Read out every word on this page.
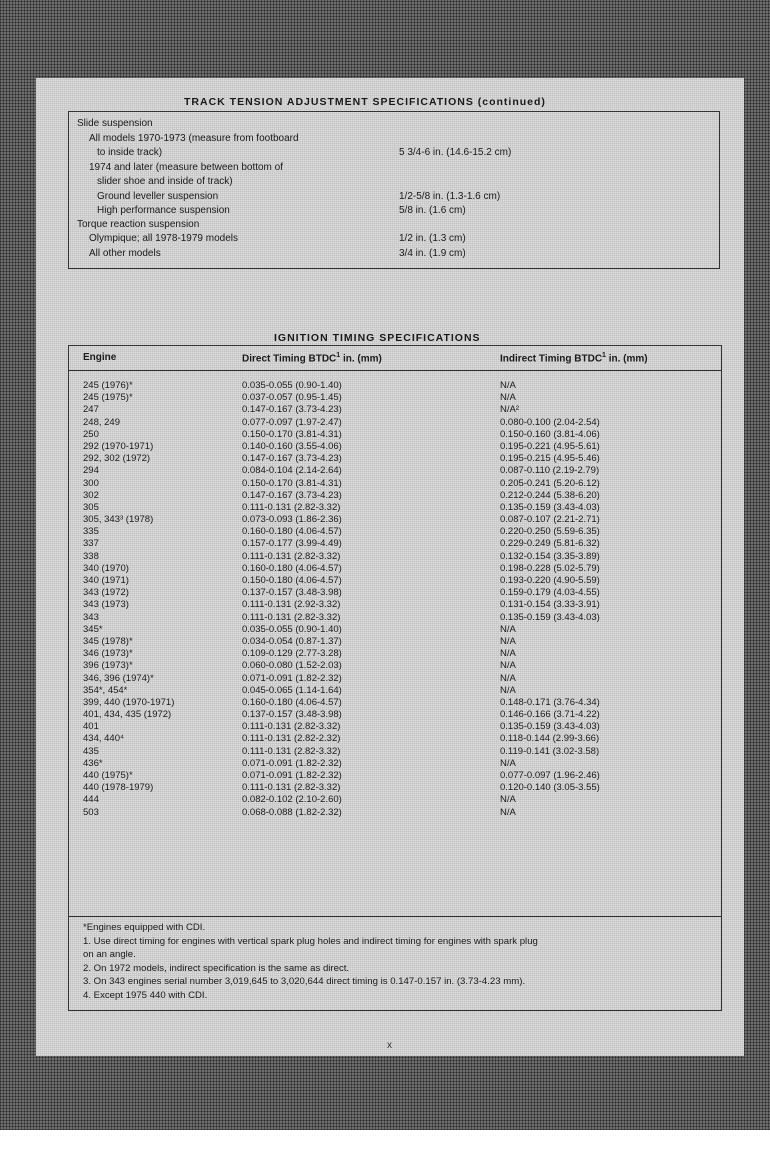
TRACK TENSION ADJUSTMENT SPECIFICATIONS (continued)
Slide suspension
All models 1970-1973 (measure from footboard
to inside track)	5 3/4-6 in. (14.6-15.2 cm)
1974 and later (measure between bottom of
slider shoe and inside of track)
Ground leveller suspension	1/2-5/8 in. (1.3-1.6 cm)
High performance suspension	5/8 in. (1.6 cm)
Torque reaction suspension
Olympique; all 1978-1979 models	1/2 in. (1.3 cm)
All other models	3/4 in. (1.9 cm)
IGNITION TIMING SPECIFICATIONS
Engine	Direct Timing BTDC$^1$ in. (mm)	Indirect Timing BTDC$^1$ in. (mm)
245 (1976)*	0.035-0.055 (0.90-1.40)	N/A
245 (1975)*	0.037-0.057 (0.95-1.45)	N/A
247	0.147-0.167 (3.73-4.23)	N/A²
248, 249	0.077-0.097 (1.97-2.47)	0.080-0.100 (2.04-2.54)
250	0.150-0.170 (3.81-4.31)	0.150-0.160 (3.81-4.06)
292 (1970-1971)	0.140-0.160 (3.55-4.06)	0.195-0.221 (4.95-5.61)
292, 302 (1972)	0.147-0.167 (3.73-4.23)	0.195-0.215 (4.95-5.46)
294	0.084-0.104 (2.14-2.64)	0.087-0.110 (2.19-2.79)
300	0.150-0.170 (3.81-4.31)	0.205-0.241 (5.20-6.12)
302	0.147-0.167 (3.73-4.23)	0.212-0.244 (5.38-6.20)
305	0.111-0.131 (2.82-3.32)	0.135-0.159 (3.43-4.03)
305, 343³ (1978)	0.073-0.093 (1.86-2.36)	0.087-0.107 (2.21-2.71)
335	0.160-0.180 (4.06-4.57)	0.220-0.250 (5.59-6.35)
337	0.157-0.177 (3.99-4.49)	0.229-0.249 (5.81-6.32)
338	0.111-0.131 (2.82-3.32)	0.132-0.154 (3.35-3.89)
340 (1970)	0.160-0.180 (4.06-4.57)	0.198-0.228 (5.02-5.79)
340 (1971)	0.150-0.180 (4.06-4.57)	0.193-0.220 (4.90-5.59)
343 (1972)	0.137-0.157 (3.48-3.98)	0.159-0.179 (4.03-4.55)
343 (1973)	0.111-0.131 (2.92-3.32)	0.131-0.154 (3.33-3.91)
343	0.111-0.131 (2.82-3.32)	0.135-0.159 (3.43-4.03)
345*	0.035-0.055 (0.90-1.40)	N/A
345 (1978)*	0.034-0.054 (0.87-1.37)	N/A
346 (1973)*	0.109-0.129 (2.77-3.28)	N/A
396 (1973)*	0.060-0.080 (1.52-2.03)	N/A
346, 396 (1974)*	0.071-0.091 (1.82-2.32)	N/A
354*, 454*	0.045-0.065 (1.14-1.64)	N/A
399, 440 (1970-1971)	0.160-0.180 (4.06-4.57)	0.148-0.171 (3.76-4.34)
401, 434, 435 (1972)	0.137-0.157 (3.48-3.98)	0.146-0.166 (3.71-4.22)
401	0.111-0.131 (2.82-3.32)	0.135-0.159 (3.43-4.03)
434, 440⁴	0.111-0.131 (2.82-2.32)	0.118-0.144 (2.99-3.66)
435	0.111-0.131 (2.82-3.32)	0.119-0.141 (3.02-3.58)
436*	0.071-0.091 (1.82-2.32)	N/A
440 (1975)*	0.071-0.091 (1.82-2.32)	0.077-0.097 (1.96-2.46)
440 (1978-1979)	0.111-0.131 (2.82-3.32)	0.120-0.140 (3.05-3.55)
444	0.082-0.102 (2.10-2.60)	N/A
503	0.068-0.088 (1.82-2.32)	N/A
*Engines equipped with CDI.
1. Use direct timing for engines with vertical spark plug holes and indirect timing for engines with spark plug
on an angle.
2. On 1972 models, indirect specification is the same as direct.
3. On 343 engines serial number 3,019,645 to 3,020,644 direct timing is 0.147-0.157 in. (3.73-4.23 mm).
4. Except 1975 440 with CDI.
x
